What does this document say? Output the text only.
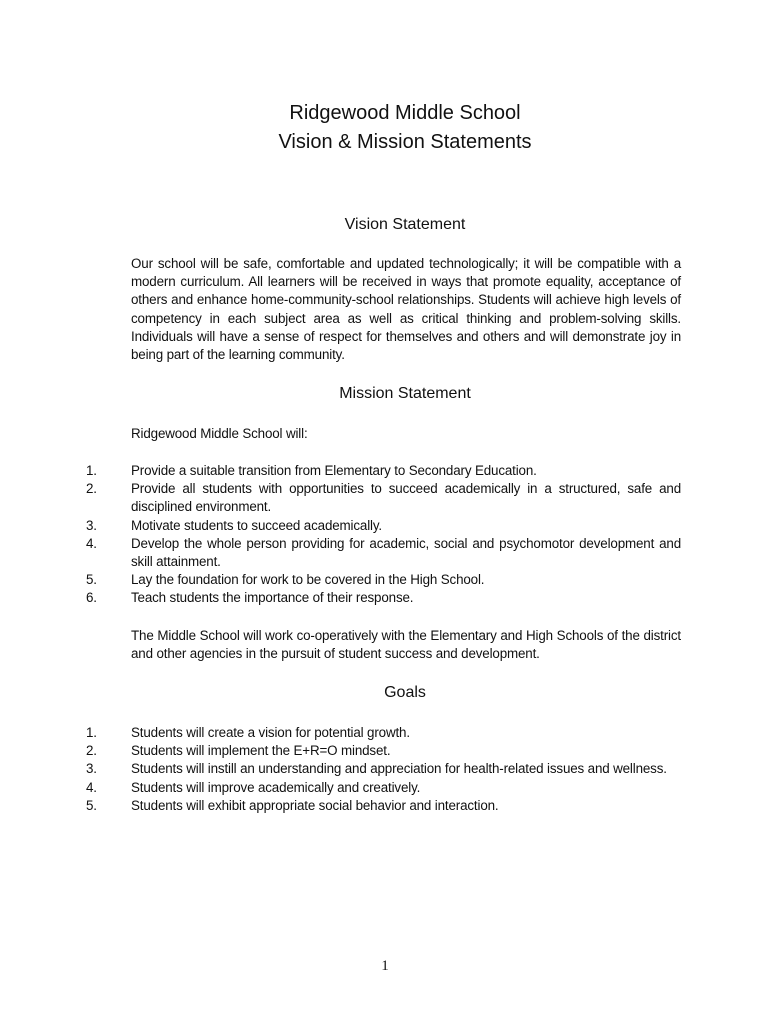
Ridgewood Middle School
Vision & Mission Statements
Vision Statement

Our school will be safe, comfortable and updated technologically; it will be compatible with a modern curriculum. All learners will be received in ways that promote equality, acceptance of others and enhance home-community-school relationships. Students will achieve high levels of competency in each subject area as well as critical thinking and problem-solving skills. Individuals will have a sense of respect for themselves and others and will demonstrate joy in being part of the learning community.

Mission Statement

Ridgewood Middle School will:

1.	Provide a suitable transition from Elementary to Secondary Education.
2.	Provide all students with opportunities to succeed academically in a structured, safe and disciplined environment.
3.	Motivate students to succeed academically.
4.	Develop the whole person providing for academic, social and psychomotor development and skill attainment.
5.	Lay the foundation for work to be covered in the High School.
6.	Teach students the importance of their response.

The Middle School will work co-operatively with the Elementary and High Schools of the district and other agencies in the pursuit of student success and development.

Goals
1.	Students will create a vision for potential growth.
2.	Students will implement the E+R=O mindset.
3.	Students will instill an understanding and appreciation for health-related issues and wellness.
4.	Students will improve academically and creatively.
5.	Students will exhibit appropriate social behavior and interaction.
1
